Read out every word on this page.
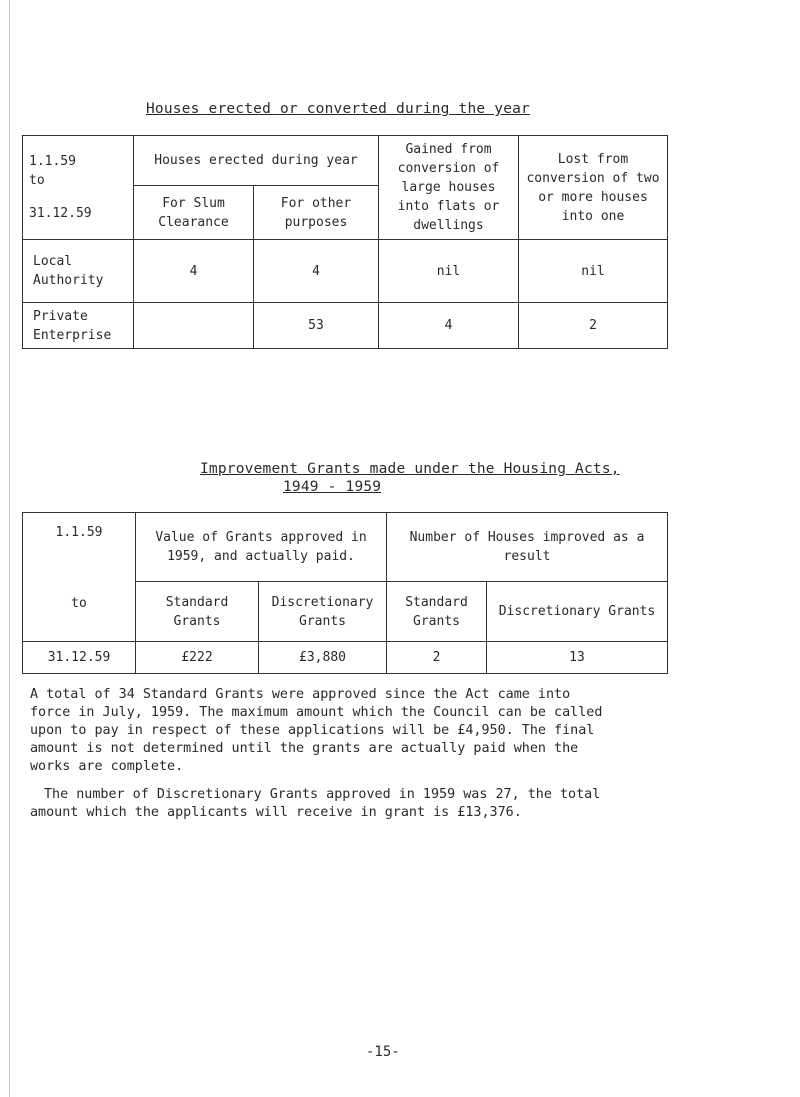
Houses erected or converted during the year
1.1.59
to
31.12.59	Houses erected during year		Gained from conversion of large houses into flats or dwellings	Lost from conversion of two or more houses into one
	For Slum Clearance	For other purposes		
Local Authority	4	4	nil	nil
Private Enterprise		53	4	2
Improvement Grants made under the Housing Acts,
1949 - 1959
1.1.59
to	Value of Grants approved in 1959, and actually paid.		Number of Houses improved as a result	
	Standard Grants	Discretionary Grants	Standard Grants	Discretionary Grants
31.12.59	£222	£3,880	2	13
A total of 34 Standard Grants were approved since the Act came into
force in July, 1959. The maximum amount which the Council can be called
upon to pay in respect of these applications will be £4,950. The final
amount is not determined until the grants are actually paid when the
works are complete.
The number of Discretionary Grants approved in 1959 was 27, the total
amount which the applicants will receive in grant is £13,376.
-15-
